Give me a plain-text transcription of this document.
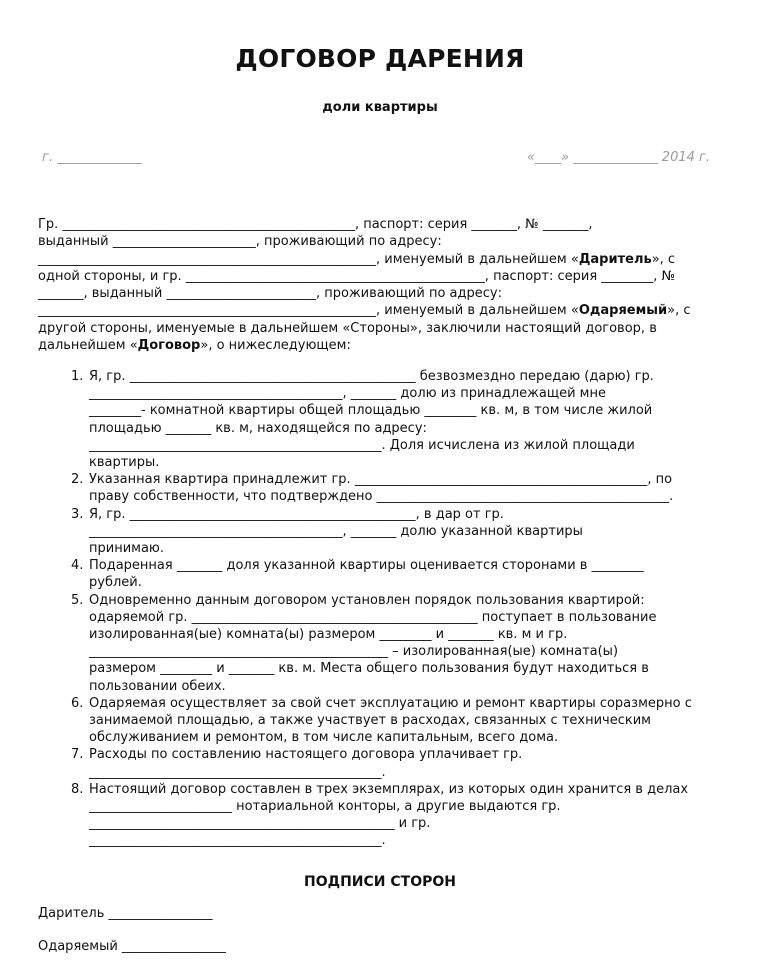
ДОГОВОР ДАРЕНИЯ
доли квартиры
г. _____________	«____» _____________ 2014 г.

Гр. _____________________________________________, паспорт: серия _______, № _______,

выданный ______________________, проживающий по адресу:

____________________________________________________, именуемый в дальнейшем «Даритель», с

одной стороны, и гр. ______________________________________________, паспорт: серия ________, №

_______, выданный _______________________, проживающий по адресу:

____________________________________________________, именуемый в дальнейшем «Одаряемый», с

другой стороны, именуемые в дальнейшем «Стороны», заключили настоящий договор, в

дальнейшем «Договор», о нижеследующем:

1. Я, гр. ____________________________________________ безвозмездно передаю (дарю) гр.
_______________________________________, _______ долю из принадлежащей мне
________- комнатной квартиры общей площадью ________ кв. м, в том числе жилой
площадью _______ кв. м, находящейся по адресу:
_____________________________________________. Доля исчислена из жилой площади
квартиры.
2. Указанная квартира принадлежит гр. _____________________________________________, по
праву собственности, что подтверждено _____________________________________________.
3. Я, гр. ____________________________________________, в дар от гр.
_______________________________________, _______ долю указанной квартиры
принимаю.
4. Подаренная _______ доля указанной квартиры оценивается сторонами в ________
рублей.
5. Одновременно данным договором установлен порядок пользования квартирой:
одаряемой гр. ____________________________________________ поступает в пользование
изолированная(ые) комната(ы) размером ________ и _______ кв. м и гр.
______________________________________________ – изолированная(ые) комната(ы)
размером ________ и _______ кв. м. Места общего пользования будут находиться в
пользовании обеих.
6. Одаряемая осуществляет за свой счет эксплуатацию и ремонт квартиры соразмерно с
занимаемой площадью, а также участвует в расходах, связанных с техническим
обслуживанием и ремонтом, в том числе капитальным, всего дома.
7. Расходы по составлению настоящего договора уплачивает гр.
_____________________________________________.
8. Настоящий договор составлен в трех экземплярах, из которых один хранится в делах
______________________ нотариальной конторы, а другие выдаются гр.
_______________________________________________ и гр.
_____________________________________________.
ПОДПИСИ СТОРОН
Даритель ________________
Одаряемый ________________
